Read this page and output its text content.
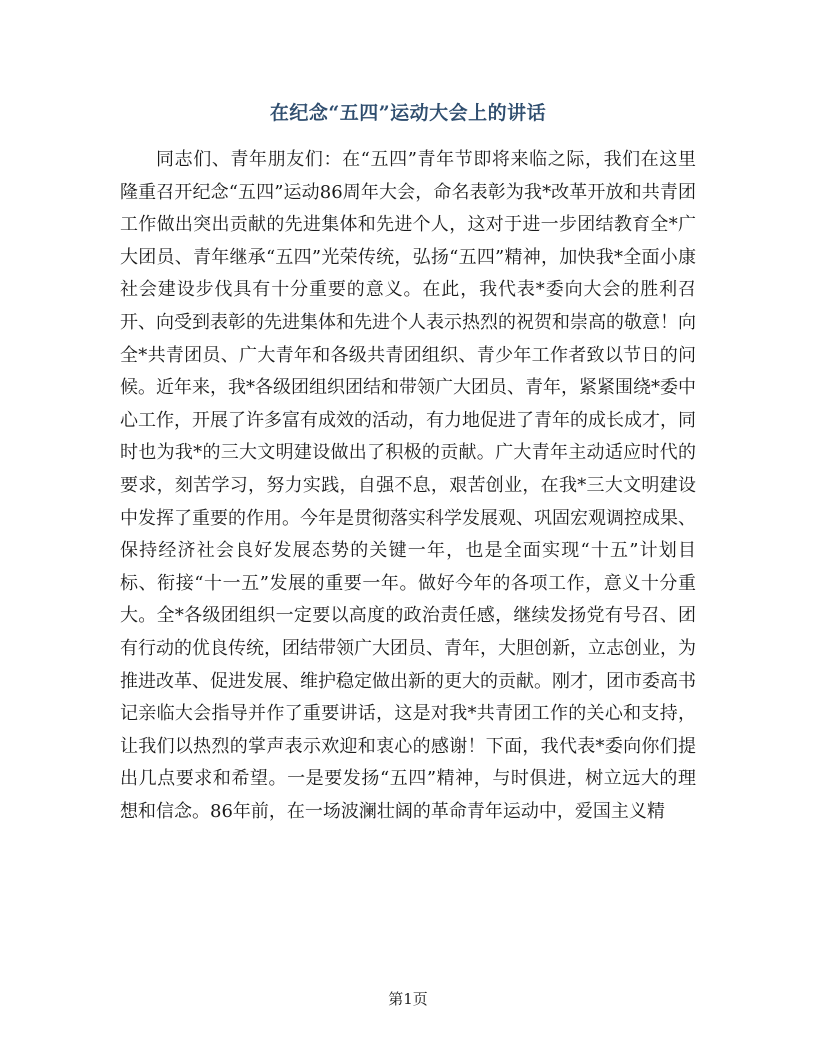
在纪念“五四”运动大会上的讲话

同志们、青年朋友们：在“五四”青年节即将来临之际，我们在这里隆重召开纪念“五四”运动86周年大会，命名表彰为我*改革开放和共青团工作做出突出贡献的先进集体和先进个人，这对于进一步团结教育全*广大团员、青年继承“五四”光荣传统，弘扬“五四”精神，加快我*全面小康社会建设步伐具有十分重要的意义。在此，我代表*委向大会的胜利召开、向受到表彰的先进集体和先进个人表示热烈的祝贺和崇高的敬意！向全*共青团员、广大青年和各级共青团组织、青少年工作者致以节日的问候。近年来，我*各级团组织团结和带领广大团员、青年，紧紧围绕*委中心工作，开展了许多富有成效的活动，有力地促进了青年的成长成才，同时也为我*的三大文明建设做出了积极的贡献。广大青年主动适应时代的要求，刻苦学习，努力实践，自强不息，艰苦创业，在我*三大文明建设中发挥了重要的作用。今年是贯彻落实科学发展观、巩固宏观调控成果、保持经济社会良好发展态势的关键一年，也是全面实现“十五”计划目标、衔接“十一五”发展的重要一年。做好今年的各项工作，意义十分重大。全*各级团组织一定要以高度的政治责任感，继续发扬党有号召、团有行动的优良传统，团结带领广大团员、青年，大胆创新，立志创业，为推进改革、促进发展、维护稳定做出新的更大的贡献。刚才，团市委高书记亲临大会指导并作了重要讲话，这是对我*共青团工作的关心和支持，让我们以热烈的掌声表示欢迎和衷心的感谢！下面，我代表*委向你们提出几点要求和希望。一是要发扬“五四”精神，与时俱进，树立远大的理想和信念。86年前，在一场波澜壮阔的革命青年运动中，爱国主义精

第1页
